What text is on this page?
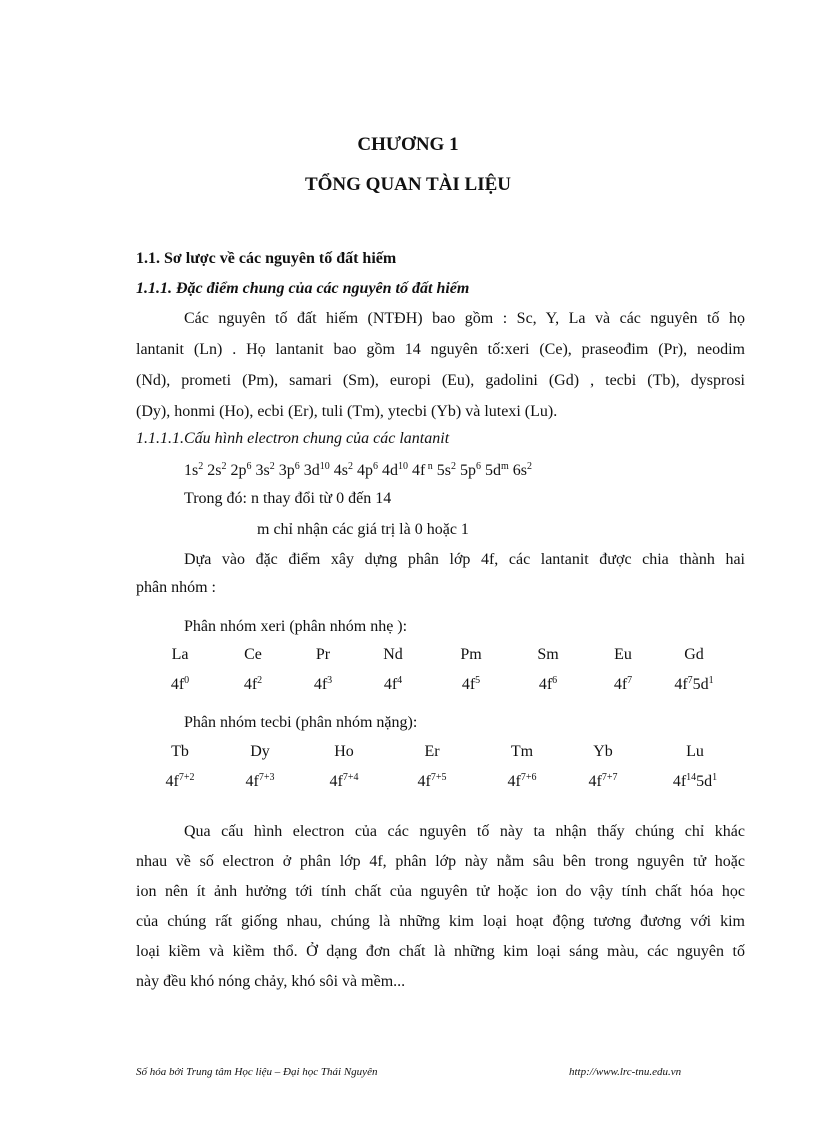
CHƯƠNG 1
TỔNG QUAN TÀI LIỆU
1.1. Sơ lược về các nguyên tố đất hiếm
1.1.1. Đặc điểm chung của các nguyên tố đất hiếm
Các nguyên tố đất hiếm (NTĐH) bao gồm : Sc, Y, La và các nguyên tố họ
lantanit (Ln) . Họ lantanit bao gồm 14 nguyên tố:xeri (Ce), praseođim (Pr), neodim
(Nd), prometi (Pm), samari (Sm), europi (Eu), gadolini (Gd) , tecbi (Tb), dysprosi
(Dy), honmi (Ho), ecbi (Er), tuli (Tm), ytecbi (Yb) và lutexi (Lu).
1.1.1.1.Cấu hình electron chung của các lantanit
$1s^2$ $2s^2$ $2p^6$ $3s^2$ $3p^6$ $3d^{10}$ $4s^2$ $4p^6$ $4d^{10}$ 4f $^n$ $5s^2$ $5p^6$ $5d^m$ $6s^2$
Trong đó: n thay đổi từ 0 đến 14
m chỉ nhận các giá trị là 0 hoặc 1
Dựa vào đặc điểm xây dựng phân lớp 4f, các lantanit được chia thành hai
phân nhóm :
Phân nhóm xeri (phân nhóm nhẹ ):
La	Ce	Pr	Nd	Pm	Sm	Eu	Gd
$4f^0$	$4f^2$	$4f^3$	$4f^4$	$4f^5$	$4f^6$	$4f^7$	$4f^75d^1$
Phân nhóm tecbi (phân nhóm nặng):
Tb	Dy	Ho	Er	Tm	Yb	Lu
$4f^{7+2}$	$4f^{7+3}$	$4f^{7+4}$	$4f^{7+5}$	$4f^{7+6}$	$4f^{7+7}$	$4f^{14}5d^1$
Qua cấu hình electron của các nguyên tố này ta nhận thấy chúng chỉ khác
nhau về số electron ở phân lớp 4f, phân lớp này nằm sâu bên trong nguyên tử hoặc
ion nên ít ảnh hưởng tới tính chất của nguyên tử hoặc ion do vậy tính chất hóa học
của chúng rất giống nhau, chúng là những kim loại hoạt động tương đương với kim
loại kiềm và kiềm thổ. Ở dạng đơn chất là những kim loại sáng màu, các nguyên tố
này đều khó nóng chảy, khó sôi và mềm...
Số hóa bởi Trung tâm Học liệu – Đại học Thái Nguyên	http://www.lrc-tnu.edu.vn
